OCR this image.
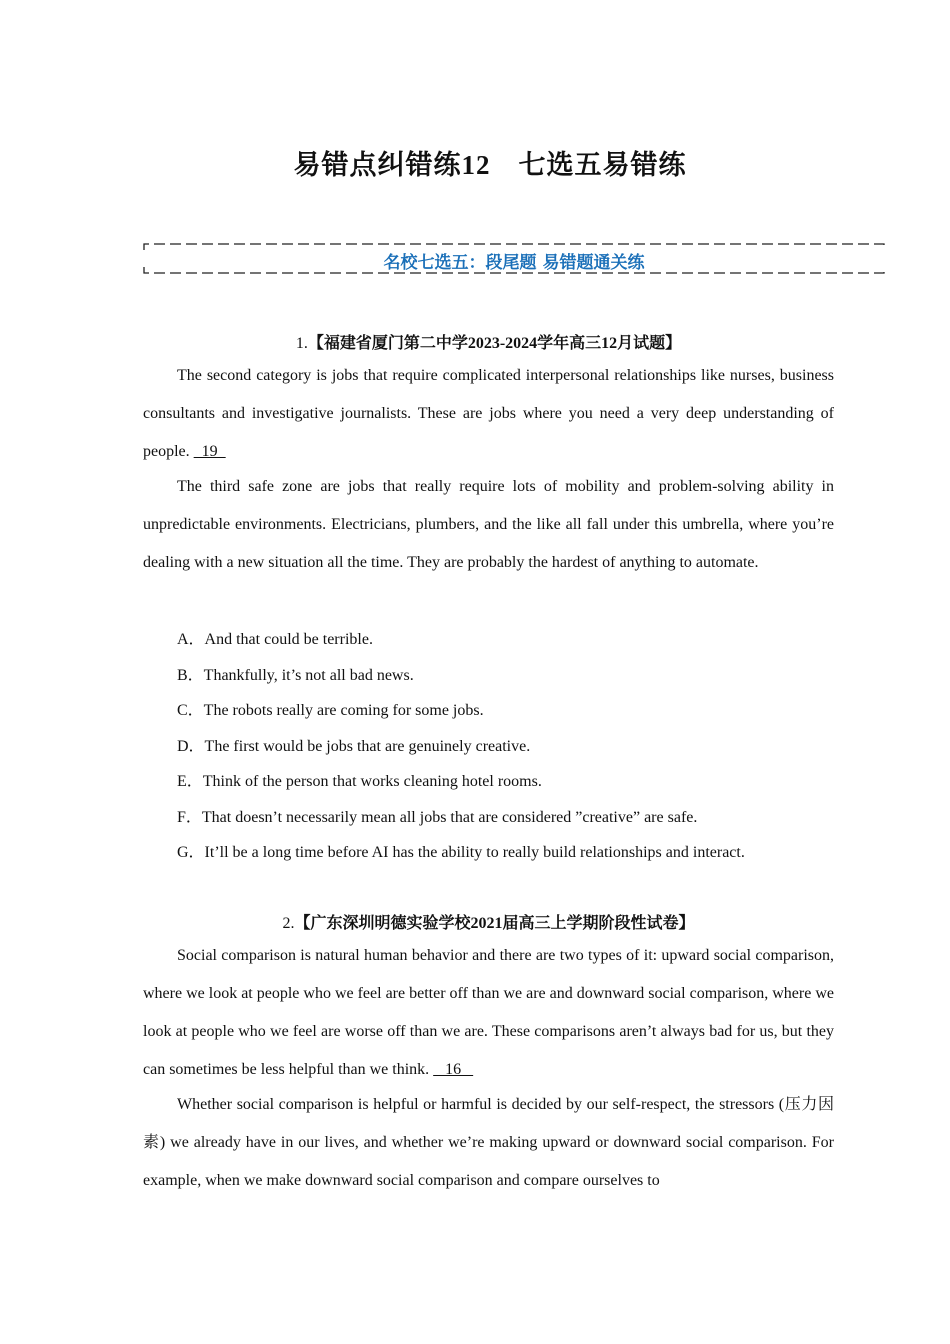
易错点纠错练12　七选五易错练
名校七选五：段尾题 易错题通关练
1.【福建省厦门第二中学2023-2024学年高三12月试题】

The second category is jobs that require complicated interpersonal relationships like nurses, business consultants and investigative journalists. These are jobs where you need a very deep understanding of people.   19

The third safe zone are jobs that really require lots of mobility and problem-solving ability in unpredictable environments. Electricians, plumbers, and the like all fall under this umbrella, where you’re dealing with a new situation all the time. They are probably the hardest of anything to automate.

A．And that could be terrible.
B．Thankfully, it’s not all bad news.
C．The robots really are coming for some jobs.
D．The first would be jobs that are genuinely creative.
E．Think of the person that works cleaning hotel rooms.
F．That doesn’t necessarily mean all jobs that are considered ”creative” are safe.
G．It’ll be a long time before AI has the ability to really build relationships and interact.
2.【广东深圳明德实验学校2021届高三上学期阶段性试卷】

Social comparison is natural human behavior and there are two types of it: upward social comparison, where we look at people who we feel are better off than we are and downward social comparison, where we look at people who we feel are worse off than we are. These comparisons aren’t always bad for us, but they can sometimes be less helpful than we think.    16

Whether social comparison is helpful or harmful is decided by our self-respect, the stressors (压力因素) we already have in our lives, and whether we’re making upward or downward social comparison. For example, when we make downward social comparison and compare ourselves to
